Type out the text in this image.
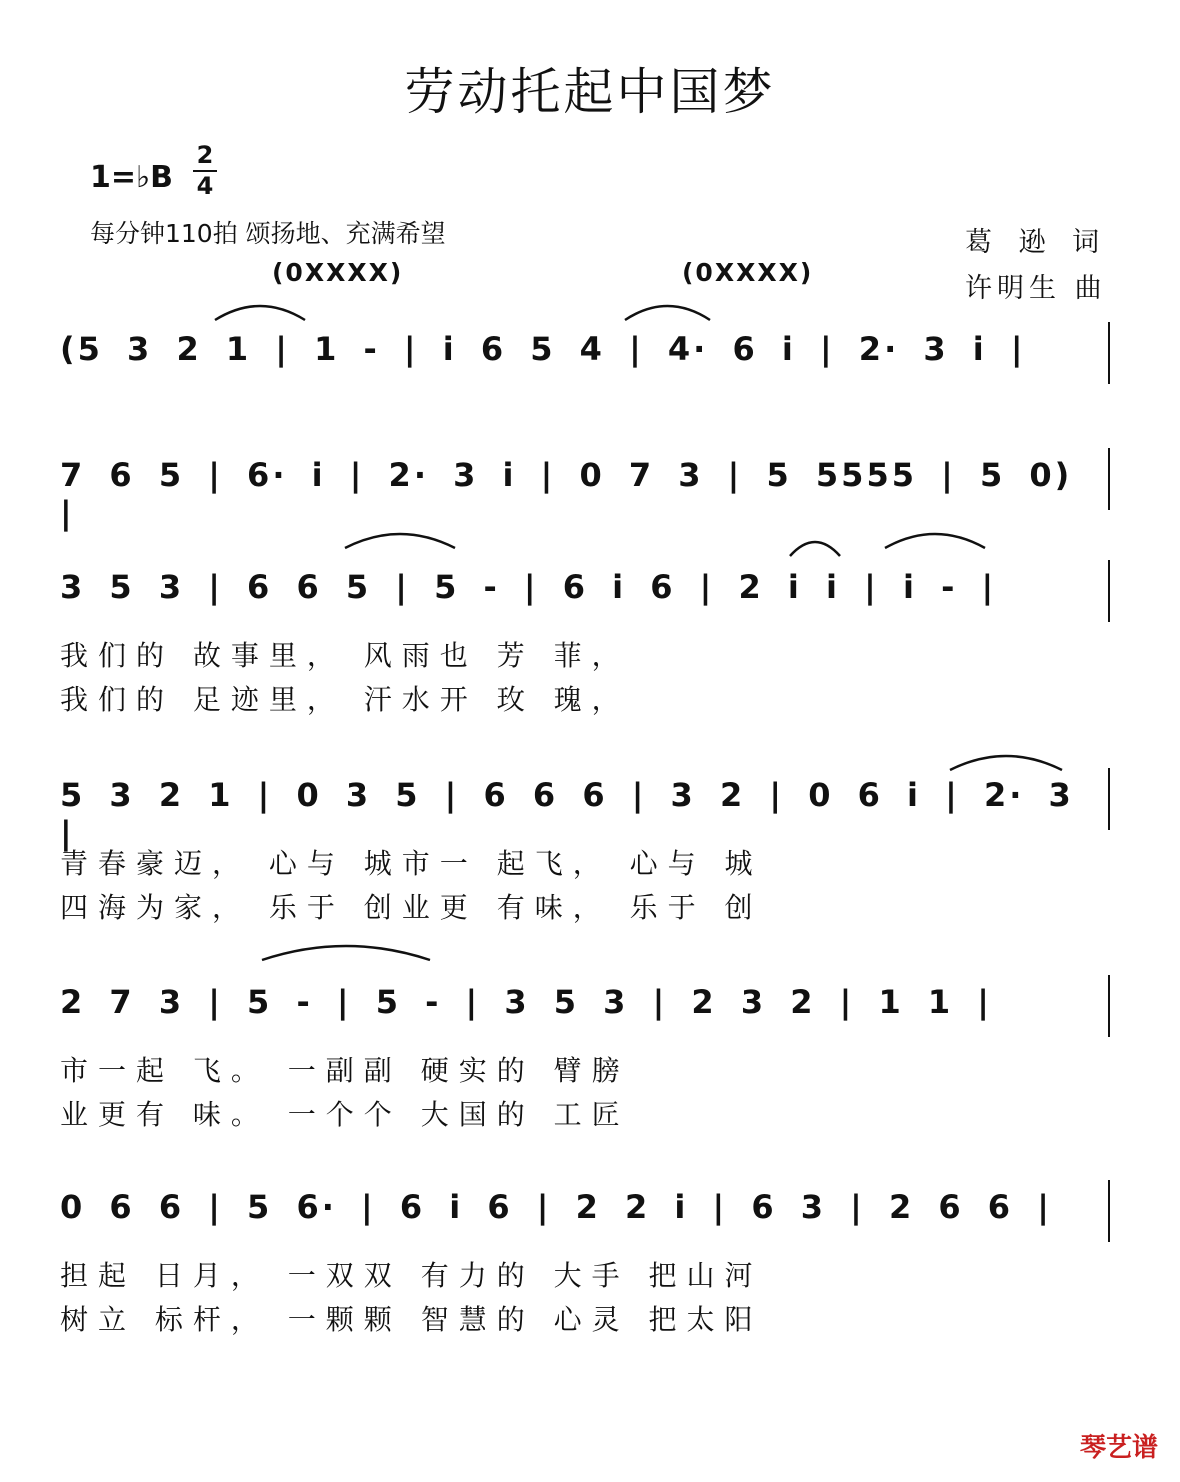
劳动托起中国梦
1=♭B
2
4
每分钟110拍 颂扬地、充满希望	葛 逊 词
许明生 曲
(0XXXX)	(0XXXX)
(5 3 2 1 | 1 - | i 6 5 4 | 4· 6 i | 2· 3 i |
7 6 5 | 6· i | 2· 3 i | 0 7 3 | 5 5555 | 5 0) |
3 5 3 | 6 6 5 | 5 - | 6 i 6 | 2 i i | i - |
我们的 故事里， 风雨也 芳 菲，
我们的 足迹里， 汗水开 玫 瑰，
5 3 2 1 | 0 3 5 | 6 6 6 | 3 2 | 0 6 i | 2· 3 |
青春豪迈， 心与 城市一 起飞， 心与 城
四海为家， 乐于 创业更 有味， 乐于 创
2 7 3 | 5 - | 5 - | 3 5 3 | 2 3 2 | 1 1 |
市一起 飞。 一副副 硬实的 臂膀
业更有 味。 一个个 大国的 工匠
0 6 6 | 5 6· | 6 i 6 | 2 2 i | 6 3 | 2 6 6 |
担起 日月， 一双双 有力的 大手 把山河
树立 标杆， 一颗颗 智慧的 心灵 把太阳
琴艺谱
